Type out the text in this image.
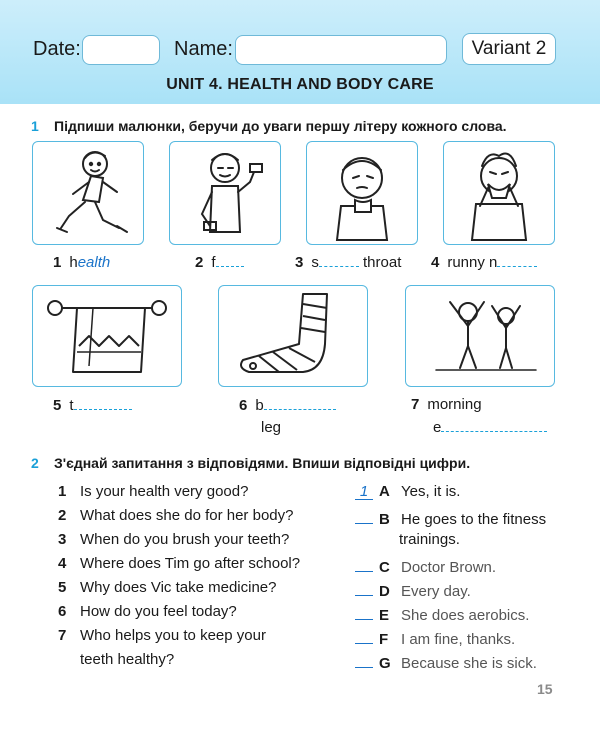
Date:	Name:	Variant 2
UNIT 4. HEALTH AND BODY CARE
1 Підпиши малюнки, беручи до уваги першу літеру кожного слова.
1 health	2 f	3 s	throat 4 runny n
5 t	6 b
leg
7 morning
e
2 З'єднай запитання з відповідями. Впиши відповідні цифри.
1 Is your health very good?
2 What does she do for her body?
3 When do you brush your teeth?
4 Where does Tim go after school?
5 Why does Vic take medicine?
6 How do you feel today?
7 Who helps you to keep your
teeth healthy?
1 A Yes, it is.
B He goes to the fitness
trainings.
C Doctor Brown.
D Every day.
E She does aerobics.
F I am fine, thanks.
G Because she is sick.
15
